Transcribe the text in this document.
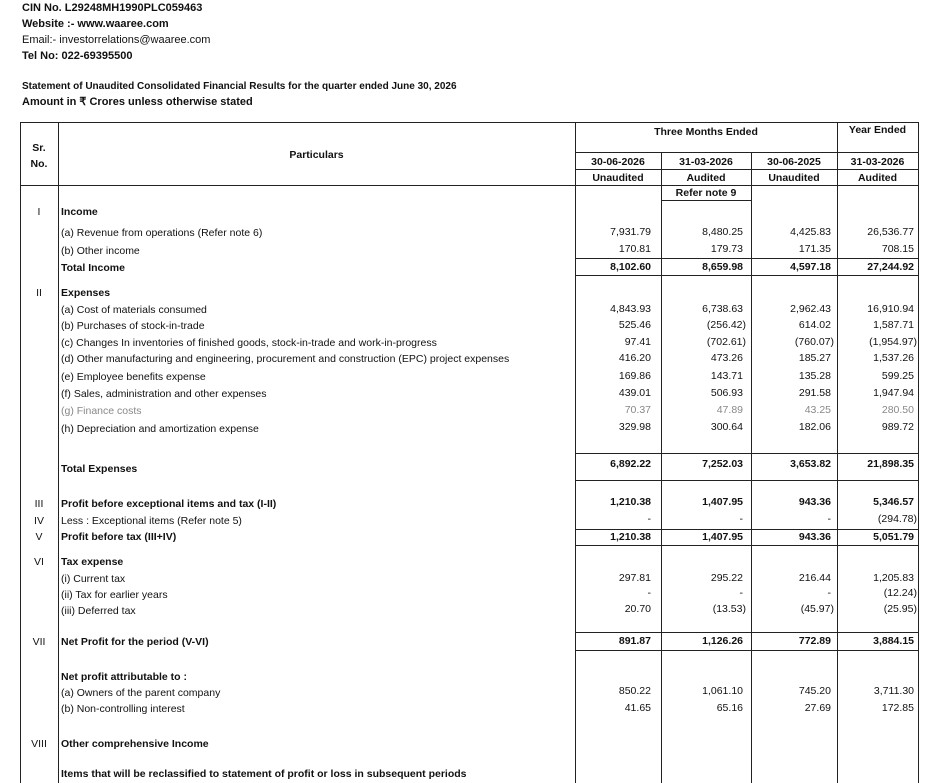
CIN No. L29248MH1990PLC059463
Website :- www.waaree.com
Email:- investorrelations@waaree.com
Tel No: 022-69395500
Statement of Unaudited Consolidated Financial Results for the quarter ended June 30, 2026
Amount in ₹ Crores unless otherwise stated
Sr.
No.
Particulars
Three Months Ended	Year Ended
30-06-2026	31-03-2026	30-06-2025	31-03-2026
Unaudited	Audited	Unaudited	Audited
Refer note 9
I	Income
(a) Revenue from operations (Refer note 6)	7,931.79	8,480.25	4,425.83	26,536.77
(b) Other income	170.81	179.73	171.35	708.15
Total Income	8,102.60	8,659.98	4,597.18	27,244.92
II	Expenses
(a) Cost of materials consumed	4,843.93	6,738.63	2,962.43	16,910.94
(b) Purchases of stock-in-trade	525.46	(256.42)	614.02	1,587.71
(c) Changes In inventories of finished goods, stock-in-trade and work-in-progress	97.41	(702.61)	(760.07)	(1,954.97)
(d) Other manufacturing and engineering, procurement and construction (EPC) project expenses	416.20	473.26	185.27	1,537.26
(e) Employee benefits expense	169.86	143.71	135.28	599.25
(f) Sales, administration and other expenses	439.01	506.93	291.58	1,947.94
(g) Finance costs	70.37	47.89	43.25	280.50
(h) Depreciation and amortization expense	329.98	300.64	182.06	989.72
Total Expenses	6,892.22	7,252.03	3,653.82	21,898.35
III	Profit before exceptional items and tax (I-II)	1,210.38	1,407.95	943.36	5,346.57
IV	Less : Exceptional items (Refer note 5)	-	-	-	(294.78)
V	Profit before tax (III+IV)	1,210.38	1,407.95	943.36	5,051.79
VI	Tax expense
(i) Current tax	297.81	295.22	216.44	1,205.83
(ii) Tax for earlier years	-	-	-	(12.24)
(iii) Deferred tax	20.70	(13.53)	(45.97)	(25.95)
VII	Net Profit for the period (V-VI)	891.87	1,126.26	772.89	3,884.15
Net profit attributable to :
(a) Owners of the parent company	850.22	1,061.10	745.20	3,711.30
(b) Non-controlling interest	41.65	65.16	27.69	172.85
VIII	Other comprehensive Income
Items that will be reclassified to statement of profit or loss in subsequent periods
